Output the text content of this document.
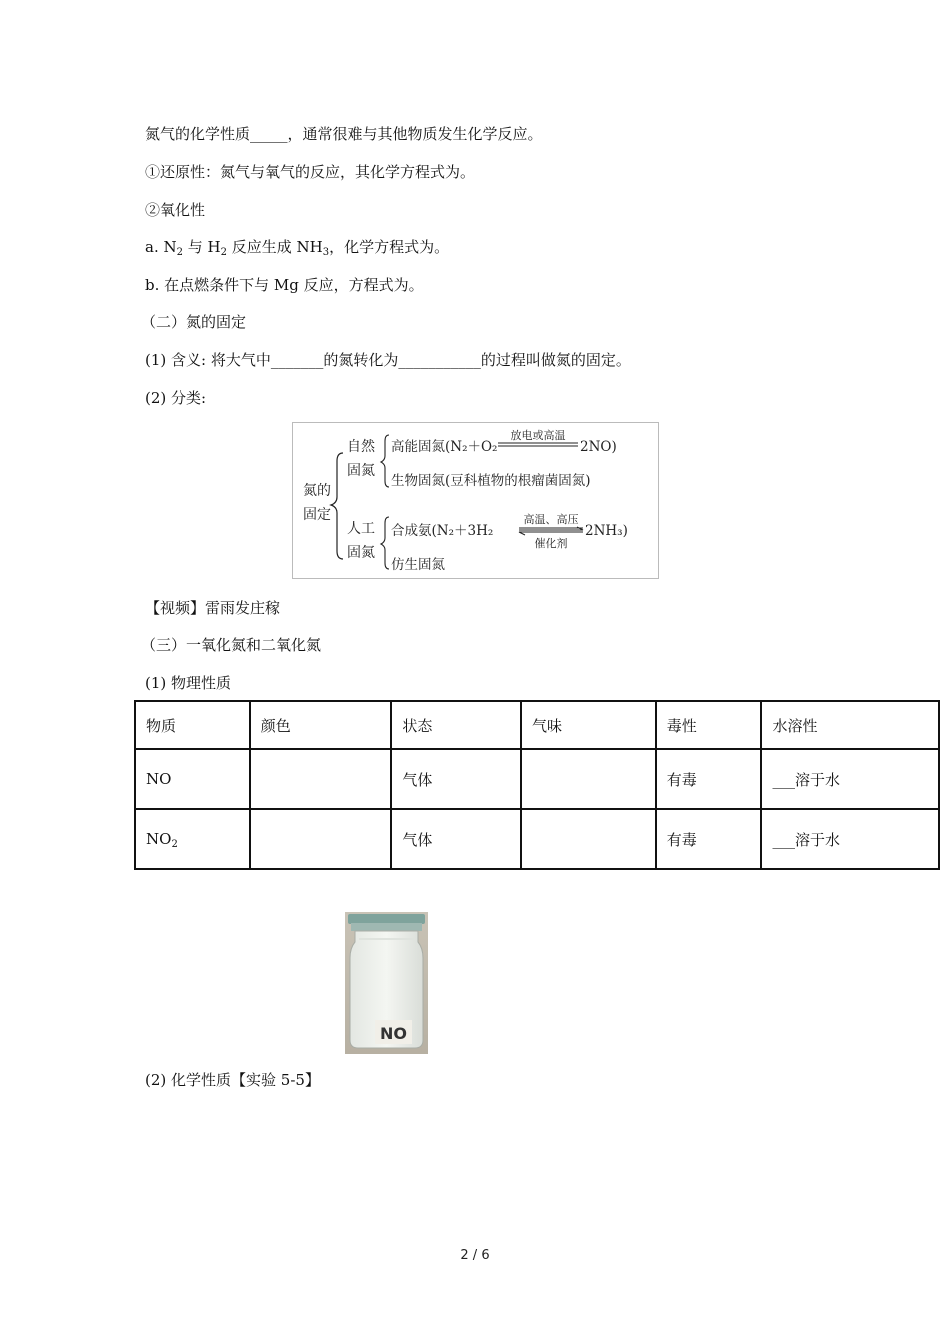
氮气的化学性质_____，通常很难与其他物质发生化学反应。
①还原性：氮气与氧气的反应，其化学方程式为。
②氧化性
a. $N_2$ 与 $H_2$ 反应生成 $NH_3$，化学方程式为。
b. 在点燃条件下与 Mg 反应，方程式为。
（二）氮的固定
(1) 含义: 将大气中_______的氮转化为___________的过程叫做氮的固定。
(2) 分类:
氮的
固定
自然
固氮
高能固氮(N₂＋O₂
放电或高温
2NO)
生物固氮(豆科植物的根瘤菌固氮)
人工
固氮
合成氨(N₂＋3H₂
高温、高压
催化剂
2NH₃)
仿生固氮
【视频】雷雨发庄稼
（三）一氧化氮和二氧化氮
(1) 物理性质
物质	颜色	状态	气味	毒性	水溶性
NO		气体		有毒	___溶于水
$NO_2$		气体		有毒	___溶于水
NO
(2) 化学性质【实验 5-5】
2 / 6
